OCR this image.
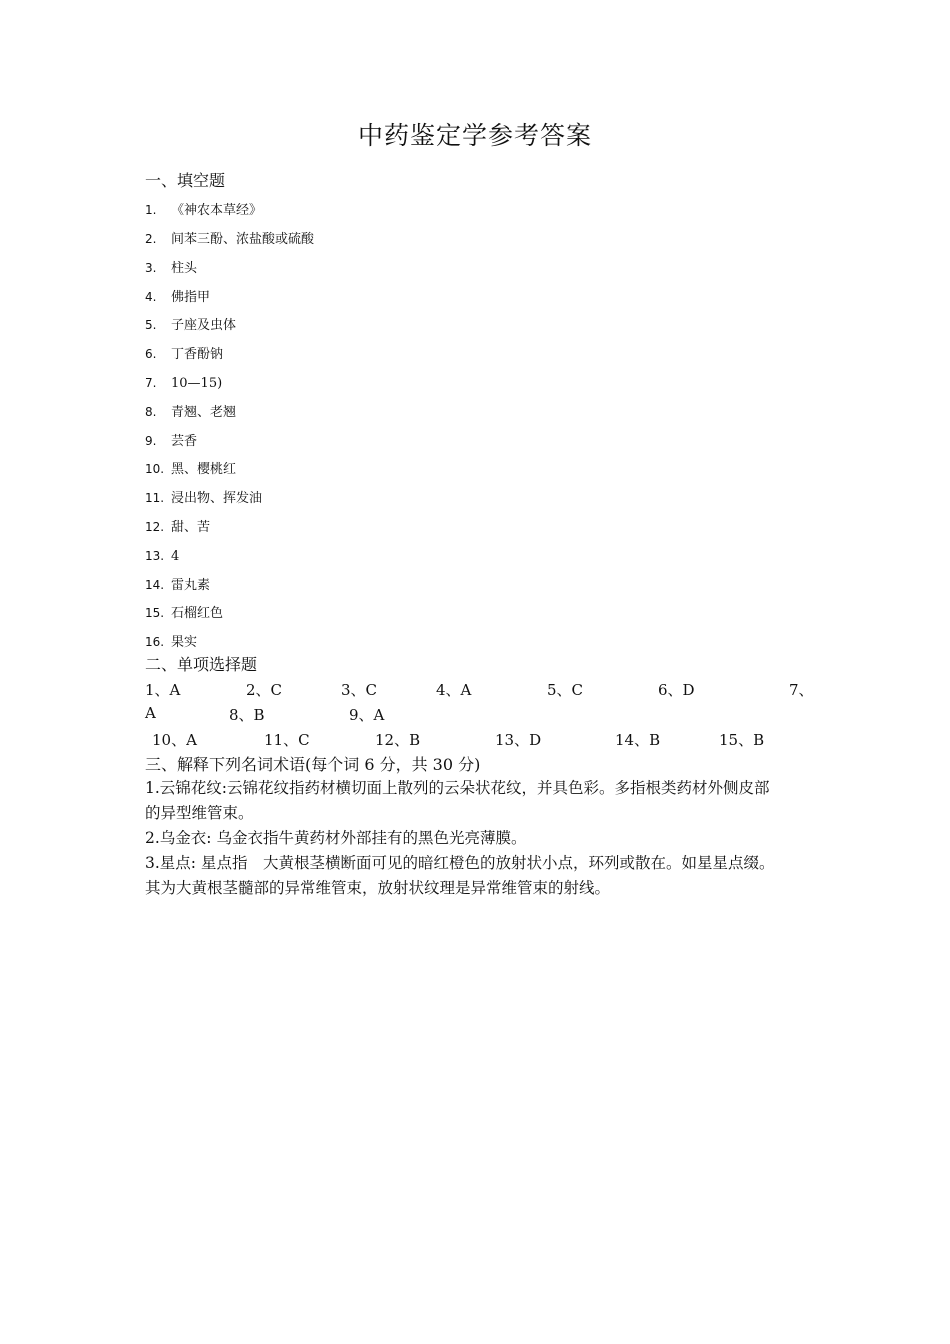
中药鉴定学参考答案
一、填空题
1. 《神农本草经》
2. 间苯三酚、浓盐酸或硫酸
3. 柱头
4. 佛指甲
5. 子座及虫体
6. 丁香酚钠
7. 10—15)
8. 青翘、老翘
9. 芸香
10. 黑、樱桃红
11. 浸出物、挥发油
12. 甜、苦
13. 4
14. 雷丸素
15. 石榴红色
16. 果实
二、单项选择题
1、A	2、C	3、C	4、A	5、C	6、D	7、
A	8、B	9、A
10、A	11、C	12、B	13、D	14、B	15、B
三、解释下列名词术语(每个词 6 分，共 30 分)
1.云锦花纹:云锦花纹指药材横切面上散列的云朵状花纹，并具色彩。多指根类药材外侧皮部
的异型维管束。
2.乌金衣: 乌金衣指牛黄药材外部挂有的黑色光亮薄膜。
3.星点: 星点指　大黄根茎横断面可见的暗红橙色的放射状小点，环列或散在。如星星点缀。
其为大黄根茎髓部的异常维管束，放射状纹理是异常维管束的射线。
